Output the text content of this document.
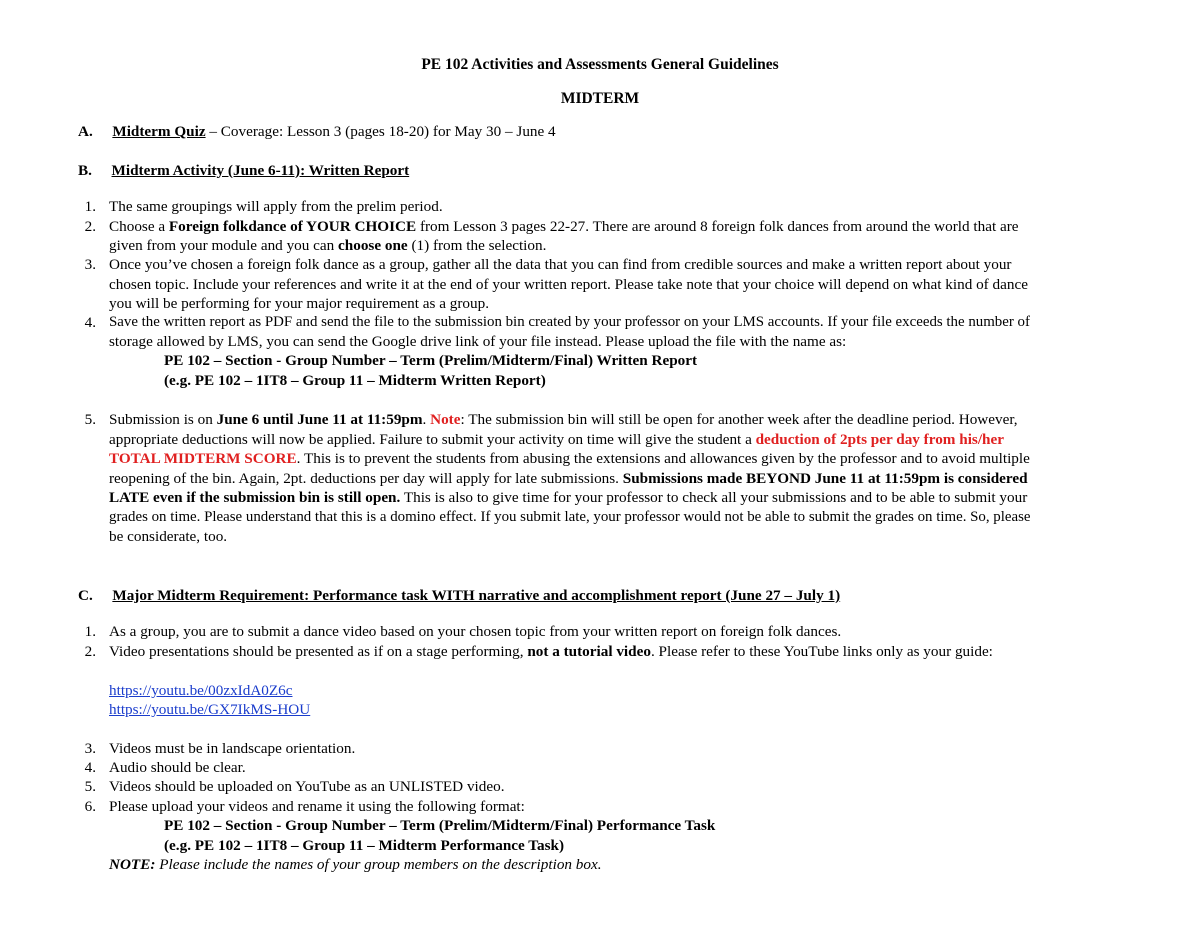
PE 102 Activities and Assessments General Guidelines
MIDTERM
A. Midterm Quiz – Coverage: Lesson 3 (pages 18-20) for May 30 – June 4
B. Midterm Activity (June 6-11): Written Report
1. The same groupings will apply from the prelim period.
2. Choose a Foreign folkdance of YOUR CHOICE from Lesson 3 pages 22-27. There are around 8 foreign folk dances from around the world that are
given from your module and you can choose one (1) from the selection.
3. Once you’ve chosen a foreign folk dance as a group, gather all the data that you can find from credible sources and make a written report about your
chosen topic. Include your references and write it at the end of your written report. Please take note that your choice will depend on what kind of dance
you will be performing for your major requirement as a group.
4. Save the written report as PDF and send the file to the submission bin created by your professor on your LMS accounts. If your file exceeds the number of
storage allowed by LMS, you can send the Google drive link of your file instead. Please upload the file with the name as:
PE 102 – Section - Group Number – Term (Prelim/Midterm/Final) Written Report
(e.g. PE 102 – 1IT8 – Group 11 – Midterm Written Report)
5. Submission is on June 6 until June 11 at 11:59pm. Note: The submission bin will still be open for another week after the deadline period. However,
appropriate deductions will now be applied. Failure to submit your activity on time will give the student a deduction of 2pts per day from his/her
TOTAL MIDTERM SCORE. This is to prevent the students from abusing the extensions and allowances given by the professor and to avoid multiple
reopening of the bin. Again, 2pt. deductions per day will apply for late submissions. Submissions made BEYOND June 11 at 11:59pm is considered
LATE even if the submission bin is still open. This is also to give time for your professor to check all your submissions and to be able to submit your
grades on time. Please understand that this is a domino effect. If you submit late, your professor would not be able to submit the grades on time. So, please
be considerate, too.
C. Major Midterm Requirement: Performance task WITH narrative and accomplishment report (June 27 – July 1)
1. As a group, you are to submit a dance video based on your chosen topic from your written report on foreign folk dances.
2. Video presentations should be presented as if on a stage performing, not a tutorial video. Please refer to these YouTube links only as your guide:
https://youtu.be/00zxIdA0Z6c
https://youtu.be/GX7IkMS-HOU
3. Videos must be in landscape orientation.
4. Audio should be clear.
5. Videos should be uploaded on YouTube as an UNLISTED video.
6. Please upload your videos and rename it using the following format:
PE 102 – Section - Group Number – Term (Prelim/Midterm/Final) Performance Task
(e.g. PE 102 – 1IT8 – Group 11 – Midterm Performance Task)
NOTE: Please include the names of your group members on the description box.
